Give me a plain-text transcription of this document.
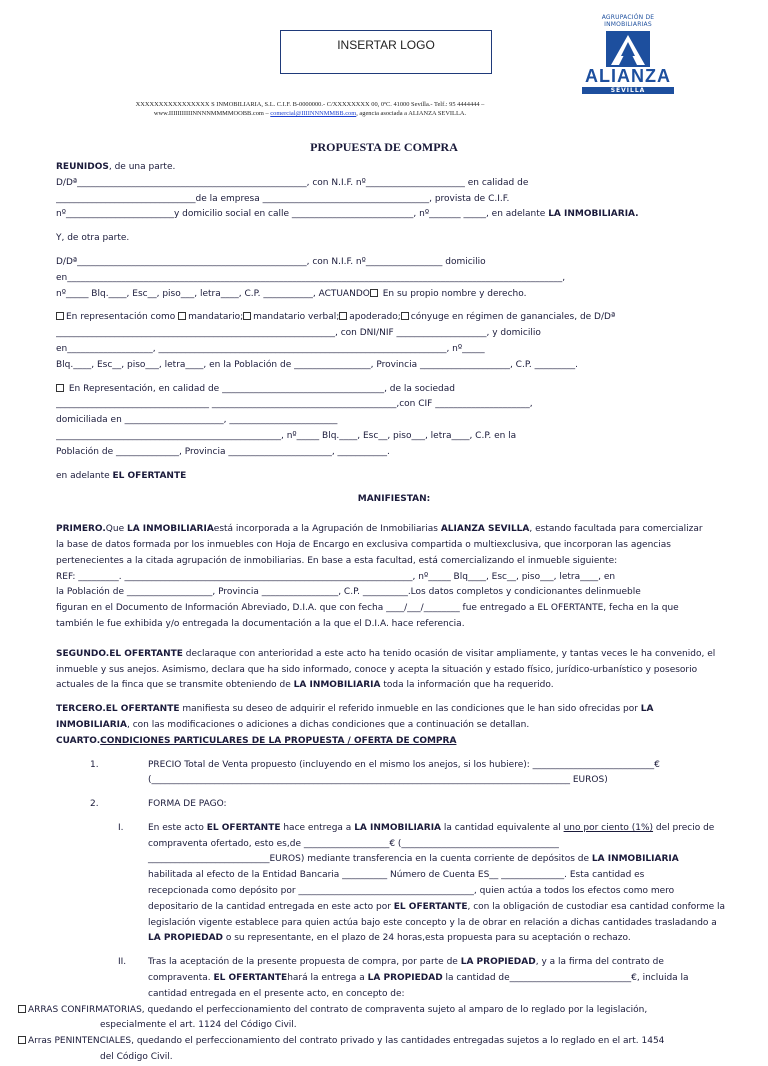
INSERTAR LOGO
AGRUPACIÓN DE INMOBILIARIAS
ALIANZA
SEVILLA
XXXXXXXXXXXXXXXX S INMOBILIARIA, S.L. C.I.F. B-0000000.- C/XXXXXXXX 00, 0ºC. 41000 Sevilla.- Telf.: 95 4444444 –
www.IIIIIIIIIIINNNNMMMMOOBB.com – comercial@IIIINNNMMBB.com, agencia asociada a ALIANZA SEVILLA.
PROPUESTA DE COMPRA
REUNIDOS, de una parte.
D/Dª___________________________________________________, con N.I.F. nº______________________ en calidad de
_______________________________de la empresa _____________________________________, provista de C.I.F.
nº________________________y domicilio social en calle ___________________________, nº_______ _____, en adelante LA INMOBILIARIA.
Y, de otra parte.
D/Dª___________________________________________________, con N.I.F. nº_________________ domicilio
en______________________________________________________________________________________________________________,
nº_____ Blq.____, Esc__, piso___, letra____, C.P. ___________, ACTUANDO En su propio nombre y derecho.
En representación como mandatario; mandatario verbal; apoderado; cónyuge en régimen de gananciales, de D/Dª
______________________________________________________________, con DNI/NIF ____________________, y domicilio
en___________________, ________________________________________________________________, nº_____
Blq.____, Esc__, piso___, letra____, en la Población de _________________, Provincia ____________________, C.P. _________.
En Representación, en calidad de ____________________________________, de la sociedad
__________________________________ _________________________________________,con CIF _____________________,
domiciliada en ______________________, ________________________
__________________________________________________, nº_____ Blq.____, Esc__, piso___, letra____, C.P. en la
Población de ______________, Provincia _______________________, ___________.
en adelante EL OFERTANTE
MANIFIESTAN:
PRIMERO.Que LA INMOBILIARIAestá incorporada a la Agrupación de Inmobiliarias ALIANZA SEVILLA, estando facultada para comercializar
la base de datos formada por los inmuebles con Hoja de Encargo en exclusiva compartida o multiexclusiva, que incorporan las agencias
pertenecientes a la citada agrupación de inmobiliarias. En base a esta facultad, está comercializando el inmueble siguiente:
REF: _________. ________________________________________________________________, nº_____ Blq____, Esc__, piso___, letra____, en
la Población de ___________________, Provincia _________________, C.P. __________.Los datos completos y condicionantes delinmueble
figuran en el Documento de Información Abreviado, D.I.A. que con fecha ____/___/________ fue entregado a EL OFERTANTE, fecha en la que
también le fue exhibida y/o entregada la documentación a la que el D.I.A. hace referencia.
SEGUNDO.EL OFERTANTE declaraque con anterioridad a este acto ha tenido ocasión de visitar ampliamente, y tantas veces le ha convenido, el
inmueble y sus anejos. Asimismo, declara que ha sido informado, conoce y acepta la situación y estado físico, jurídico-urbanístico y posesorio
actuales de la finca que se transmite obteniendo de LA INMOBILIARIA toda la información que ha requerido.
TERCERO.EL OFERTANTE manifiesta su deseo de adquirir el referido inmueble en las condiciones que le han sido ofrecidas por LA
INMOBILIARIA, con las modificaciones o adiciones a dichas condiciones que a continuación se detallan.
CUARTO.CONDICIONES PARTICULARES DE LA PROPUESTA / OFERTA DE COMPRA
1.	PRECIO Total de Venta propuesto (incluyendo en el mismo los anejos, si los hubiere): ___________________________€
(_____________________________________________________________________________________________ EUROS)
2.	FORMA DE PAGO:
I.	En este acto EL OFERTANTE hace entrega a LA INMOBILIARIA la cantidad equivalente al uno por ciento (1%) del precio de
compraventa ofertado, esto es,de ___________________€ (___________________________________
___________________________EUROS) mediante transferencia en la cuenta corriente de depósitos de LA INMOBILIARIA
habilitada al efecto de la Entidad Bancaria __________ Número de Cuenta ES__ ______________. Esta cantidad es
recepcionada como depósito por _______________________________________, quien actúa a todos los efectos como mero
depositario de la cantidad entregada en este acto por EL OFERTANTE, con la obligación de custodiar esa cantidad conforme la
legislación vigente establece para quien actúa bajo este concepto y la de obrar en relación a dichas cantidades trasladando a
LA PROPIEDAD o su representante, en el plazo de 24 horas,esta propuesta para su aceptación o rechazo.
II. Tras la aceptación de la presente propuesta de compra, por parte de LA PROPIEDAD, y a la firma del contrato de
compraventa. EL OFERTANTEhará la entrega a LA PROPIEDAD la cantidad de___________________________€, incluida la
cantidad entregada en el presente acto, en concepto de:
ARRAS CONFIRMATORIAS, quedando el perfeccionamiento del contrato de compraventa sujeto al amparo de lo reglado por la legislación,
especialmente el art. 1124 del Código Civil.
Arras PENINTENCIALES, quedando el perfeccionamiento del contrato privado y las cantidades entregadas sujetos a lo reglado en el art. 1454
del Código Civil.
